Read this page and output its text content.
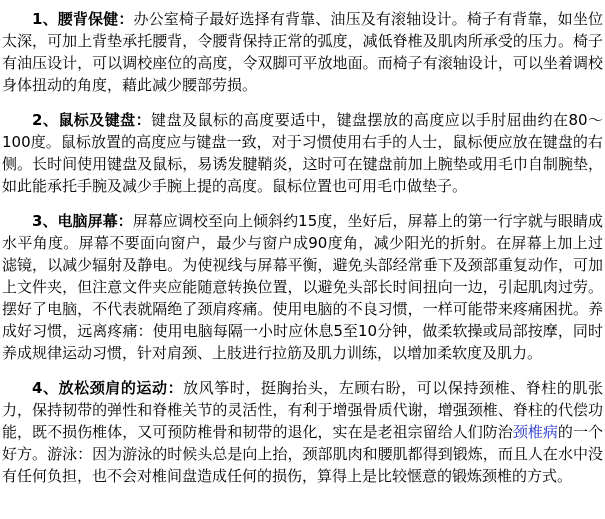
1、腰背保健：办公室椅子最好选择有背靠、油压及有滚轴设计。椅子有背靠，如坐位太深，可加上背垫承托腰背，令腰背保持正常的弧度，减低脊椎及肌肉所承受的压力。椅子有油压设计，可以调校座位的高度，令双脚可平放地面。而椅子有滚轴设计，可以坐着调校身体扭动的角度，藉此减少腰部劳损。

2、鼠标及键盘：键盘及鼠标的高度要适中，键盘摆放的高度应以手肘屈曲约在80～100度。鼠标放置的高度应与键盘一致，对于习惯使用右手的人士，鼠标便应放在键盘的右侧。长时间使用键盘及鼠标，易诱发腱鞘炎，这时可在键盘前加上腕垫或用毛巾自制腕垫，如此能承托手腕及减少手腕上提的高度。鼠标位置也可用毛巾做垫子。

3、电脑屏幕：屏幕应调校至向上倾斜约15度，坐好后，屏幕上的第一行字就与眼睛成水平角度。屏幕不要面向窗户，最少与窗户成90度角，减少阳光的折射。在屏幕上加上过滤镜，以减少辐射及静电。为使视线与屏幕平衡，避免头部经常垂下及颈部重复动作，可加上文件夹，但注意文件夹应能随意转换位置，以避免头部长时间扭向一边，引起肌肉过劳。摆好了电脑，不代表就隔绝了颈肩疼痛。使用电脑的不良习惯，一样可能带来疼痛困扰。养成好习惯，远离疼痛：使用电脑每隔一小时应休息5至10分钟，做柔软操或局部按摩，同时养成规律运动习惯，针对肩颈、上肢进行拉筋及肌力训练，以增加柔软度及肌力。

4、放松颈肩的运动：放风筝时，挺胸抬头，左顾右盼，可以保持颈椎、脊柱的肌张力，保持韧带的弹性和脊椎关节的灵活性，有利于增强骨质代谢，增强颈椎、脊柱的代偿功能，既不损伤椎体，又可预防椎骨和韧带的退化，实在是老祖宗留给人们防治颈椎病的一个好方。游泳：因为游泳的时候头总是向上抬，颈部肌肉和腰肌都得到锻炼，而且人在水中没有任何负担，也不会对椎间盘造成任何的损伤，算得上是比较惬意的锻炼颈椎的方式。
